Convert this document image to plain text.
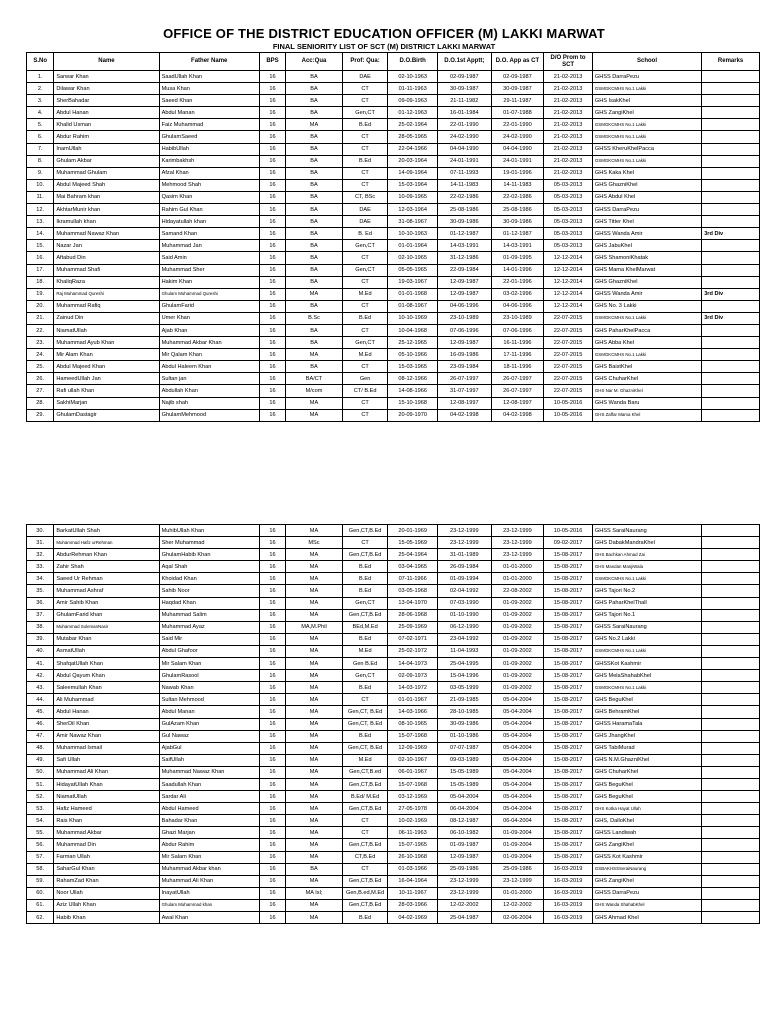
OFFICE OF THE DISTRICT EDUCATION OFFICER (M) LAKKI MARWAT
FINAL SENIORITY LIST OF SCT (M) DISTRICT LAKKI MARWAT
S.No	Name	Father Name	BPS	Acc:Qua	Prof: Qua:	D.O.Birth	D.O.1st Apptt;	D.O. App as CT	D/O Prom to SCT	School	Remarks
1.	Sarwar Khan	SaadUllah Khan	16	BA	DAE	02-10-1963	02-09-1987	02-09-1987	21-02-2013	GHSS DarraPezu	
2.	Dilawar Khan	Musa Khan	16	BA	CT	01-11-1963	30-09-1987	30-09-1987	21-02-2013	GSMGKCMHS No.1 Lakki	
3.	SherBahadar	Saeed Khan	16	BA	CT	09-09-1963	21-11-1982	29-11-1987	21-02-2013	GHS IsakKhel	
4.	Abdul Hanan	Abdul Manan	16	BA	Gen,CT	01-12-1963	16-01-1984	01-07-1988	21-02-2013	GHS ZangiKhel	
5.	Khalid Usman	Faiz Muhammad	16	MA	B.Ed	25-02-1964	22-01-1990	22-01-1990	21-02-2013	GSMGKCMHS No.1 Lakki	
6.	Abdur Rahim	GhulamSaeed	16	BA	CT	28-05-1965	24-02-1990	24-02-1990	21-02-2013	GSMGKCMHS No.1 Lakki	
7.	InamUllah	HabibUllah	16	BA	CT	22-04-1966	04-04-1990	04-04-1990	21-02-2013	GHSS KheruKhelPacca	
8.	Ghulam Akbar	Karimbakhsh	16	BA	B.Ed	20-03-1964	24-01-1991	24-01-1991	21-02-2013	GSMGKCMHS No.1 Lakki	
9.	Muhammad Ghulam	Afzal Khan	16	BA	CT	14-09-1964	07-11-1993	19-01-1996	21-02-2013	GHS Kaka Khel	
10.	Abdul Majeed Shah	Mehmood Shah	16	BA	CT	15-03-1964	14-11-1983	14-11-1983	05-03-2013	GHS GhazniKhel	
11.	Mai Bahram khan	Qasim Khan	16	BA	CT, BSc	10-09-1965	22-02-1986	22-02-1986	05-03-2013	GHS Abdul Khel	
12.	AkhtarMunir khan	Rahim Gul Khan	16	BA	DAE	12-03-1964	25-08-1986	25-08-1986	05-03-2013	GHSS DarraPezu	
13.	Ikramullah khan	Hidayatullah khan	16	BA	DAE	31-08-1967	30-09-1986	30-09-1986	05-03-2013	GHS Titter Khel	
14.	Muhammad Nawaz Khan	Samand Khan	16	BA	B. Ed	10-10-1963	01-12-1987	01-12-1987	05-03-2013	GHSS Wanda Amir	3rd Div
15.	Nazar Jan	Muhammad Jan	16	BA	Gen,CT	01-01-1964	14-03-1991	14-03-1991	05-03-2013	GHS JabuKhel	
16.	Aftabud Din	Said Amin	16	BA	CT	02-10-1965	31-12-1986	01-09-1995	12-12-2014	GHS ShamoniKhatak	
17.	Muhammad Shafi	Muhammad Sher	16	BA	Gen,CT	05-05-1965	22-09-1984	14-01-1996	12-12-2014	GHS Mama KhelMarwat	
18.	KhaliqRaza	Hakim Khan	16	BA	CT	19-03-1967	12-09-1987	22-01-1996	12-12-2014	GHS GhazniKhel	
19.	Raj Muhammad Qureshi	Ghulam Muhammad Qureshi	16	MA	M.Ed	01-01-1968	12-09-1987	03-02-1996	12-12-2014	GHSS Wanda Amir	3rd Div
20.	Muhammad Rafiq	GhulamFarid	16	BA	CT	01-08-1967	04-06-1996	04-06-1996	12-12-2014	GHS No. 3 Lakki	
21.	Zainud Din	Umer Khan	16	B.Sc	B.Ed	10-10-1969	23-10-1989	23-10-1989	22-07-2015	GSMGKCMHS No.1 Lakki	3rd Div
22.	NiamatUllah	Ajab Khan	16	BA	CT	10-04-1968	07-06-1996	07-06-1996	22-07-2015	GHS PaharKhelPacca	
23.	Muhammad Ayub Khan	Muhammad Akbar Khan	16	BA	Gen,CT	25-12-1965	12-09-1987	16-11-1996	22-07-2015	GHS Abba Khel	
24.	Mir Alam Khan	Mir Qalam Khan	16	MA	M.Ed	05-10-1966	16-09-1986	17-11-1996	22-07-2015	GSMGKCMHS No.1 Lakki	
25.	Abdul Majeed Khan	Abdul Haleem Khan	16	BA	CT	15-03-1965	23-09-1984	18-11-1996	22-07-2015	GHS BaistKhel	
26.	HameedUllah Jan	Sultan jan	16	BA/CT	Gen	08-12-1966	26-07-1997	26-07-1997	22-07-2015	GHS ChuharKhel	
27.	Rafi ullah Khan	Abdullah Khan	16	M/com	CT/ B.Ed	14-08-1966	31-07-1997	26-07-1997	22-07-2015	GHS Nar M. GhazniKhel	
28.	SakhiMarjan	Najib shah	16	MA	CT	15-10-1968	12-08-1997	12-08-1997	10-05-2016	GHS Wanda Baru	
29.	GhulamDastagir	GhulamMehmood	16	MA	CT	20-09-1970	04-02-1998	04-02-1998	10-05-2016	GHS Zaffar Mama Khel	
30.	BarkatUllah Shah	MuhibUllah Khan	16	MA	Gen,CT,B.Ed	20-01-1969	23-12-1999	23-12-1999	10-05-2016	GHSS SaraiNaurang	
31.	Muhammad Hafiz urRehman	Sher Muhammad	16	MSc	CT	15-05-1969	23-12-1999	23-12-1999	09-02-2017	GHS DabakMandraKhel	
32.	AbdurRehman Khan	GhulamHabib Khan	16	MA	Gen,CT,B.Ed	25-04-1964	31-01-1989	23-12-1999	15-08-2017	GHS Bachkan Ahmad Zai	
33.	Zahir Shah	Aqal Shah	16	MA	B.Ed	03-04-1965	26-09-1984	01-01-2000	15-08-2017	GHS Mandan ManjiWala	
34.	Saeed Ur Rehman	Khoidad Khan	16	MA	B.Ed	07-11-1966	01-09-1994	01-01-2000	15-08-2017	GSMGKCMHS No.1 Lakki	
35.	Muhammad Ashraf	Sahib Noor	16	MA	B.Ed	03-05-1968	02-04-1992	22-08-2002	15-08-2017	GHS Tajori No.2	
36.	Amir Sahib Khan	Haqdad Khan	16	MA	Gen,CT	13-04-1970	07-03-1990	01-09-2002	15-08-2017	GHS PaharKhelThall	
37.	GhulamFarid khan	Muhammad Salim	16	MA	Gen,CT,B.Ed	28-06-1968	01-10-1990	01-09-2002	15-08-2017	GHS Tajori No.1	
38.	Muhammad SulemanNasir	Muhammad Ayaz	16	MA,M.Phil	BEd,M.Ed	25-09-1969	06-12-1990	01-09-2002	15-08-2017	GHSS SaraiNaurang	
39.	Mutabar Khan	Said Mir	16	MA	B.Ed	07-02-1971	23-04-1992	01-09-2002	15-08-2017	GHS No.2 Lakki	
40.	AsmatUllah	Abdul Ghafoor	16	MA	M.Ed	25-02-1972	11-04-1993	01-09-2002	15-08-2017	GSMGKCMHS No.1 Lakki	
41.	ShafqatUllah Khan	Mir Salam Khan	16	MA	Gen B.Ed	14-04-1973	25-04-1995	01-09-2002	15-08-2017	GHSSKot Kashmir	
42.	Abdul Qayum Khan	GhulamRasool	16	MA	Gen,CT	02-09-1973	15-04-1996	01-09-2002	15-08-2017	GHS MelaShahabKhel	
43.	Saleemullah Khan	Nawab Khan	16	MA	B.Ed	14-03-1972	03-05-1999	01-09-2002	15-08-2017	GSMGKCMHS No.1 Lakki	
44.	Ali Muhammad	Sultan Mehmood	16	MA	CT	01-01-1967	21-09-1985	05-04-2004	15-08-2017	GHS BeguKhel	
45.	Abdul Hanan	Abdul Manan	16	MA	Gen,CT, B.Ed	14-03-1966	28-10-1985	05-04-2004	15-08-2017	GHS BehramKhel	
46.	SherDil Khan	GulAzam Khan	16	MA	Gen,CT, B.Ed	08-10-1965	30-09-1986	05-04-2004	15-08-2017	GHSS HaramaTala	
47.	Amir Nawaz Khan	Gul Nawaz	16	MA	B.Ed	15-07-1968	01-10-1986	05-04-2004	15-08-2017	GHS JhangKhel	
48.	Muhammad Ismail	AjabGul	16	MA	Gen,CT, B.Ed	12-09-1969	07-07-1987	05-04-2004	15-08-2017	GHS TabiMurad	
49.	Safi Ullah	SaifUllah	16	MA	M.Ed	02-10-1967	09-03-1989	05-04-2004	15-08-2017	GHS N.M.GhazniKhel	
50.	Muhammad Ali Khan	Muhammad Nawaz Khan	16	MA	Gen,CT,B.ed	06-01-1967	15-05-1989	05-04-2004	15-08-2017	GHS ChuharKhel	
51.	HidayatUllah Khan	Saadullah Khan	16	MA	Gen,CT,B.Ed	15-07-1968	15-05-1989	05-04-2004	15-08-2017	GHS BeguKhel	
52.	NiamatUllah	Sardar Ali	16	MA	B.Ed/ M.Ed	03-12-1969	05-04-2004	05-04-2004	15-08-2017	GHS BeguKhel	
53.	Hafiz Hameed	Abdul Hameed	16	MA	Gen,CT,B.Ed	27-05-1978	06-04-2004	05-04-2004	15-08-2017	GHS Kotka Hayat Ullah	
54.	Rais Khan	Bahadar Khan	16	MA	CT	10-02-1969	08-12-1987	06-04-2004	15-08-2017	GHS, DallоKhel	
55.	Muhammad Akbar	Ghazi Marjan	16	MA	CT	06-11-1963	06-10-1982	01-09-2004	15-08-2017	GHSS Landiwah	
56.	Muhammad Din	Abdur Rahim	16	MA	Gen,CT,B.Ed	15-07-1965	01-09-1987	01-09-2004	15-08-2017	GHS ZangiKhel	
57.	Farman Ullah	Mir Salam Khan	16	MA	CT,B.Ed	26-10-1968	12-09-1987	01-09-2004	15-08-2017	GHSS Kot Kashmir	
58.	SaharGul Khan	Muhammad Akbar khan	16	BA	CT	01-03-1966	25-09-1986	25-09-1986	16-03-2019	GSBAKHSSSeraiNaurang	
59.	RahamZad Khan	Muhammad Ali Khan	16	MA	Gen,CT,B.Ed	16-04-1964	23-12-1999	23-12-1999	16-03-2019	GHS ZangiKhel	
60.	Noor Ullah	InayatUllah	16	MA Isl;	Gen,B.ed,M.Ed	10-11-1967	23-12-1999	01-01-2000	16-03-2019	GHSS DarraPezu	
61.	Aziz Ullah Khan	Ghulam Muhammad khan	16	MA	Gen,CT,B.Ed	28-03-1966	12-02-2002	12-02-2002	16-03-2019	GHS Wanda ShahabKhel	
62.	Habib Khan	Awal Khan	16	MA	B.Ed	04-02-1969	25-04-1987	02-06-2004	16-03-2019	GHS Ahmad Khel	
